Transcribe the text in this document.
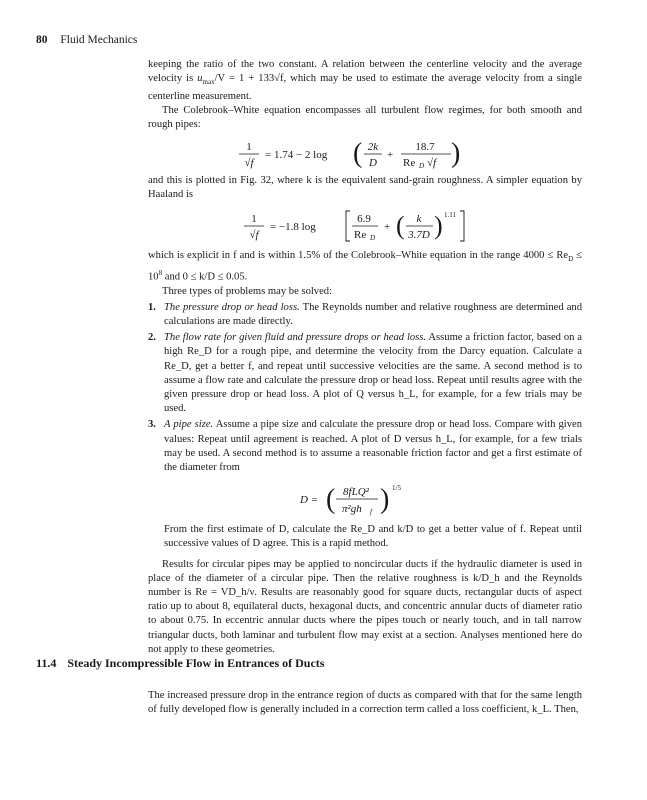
80 Fluid Mechanics

keeping the ratio of the two constant. A relation between the centerline velocity and the average velocity is $u_{max}/V = 1 + 133√f$, which may be used to estimate the average velocity from a single centerline measurement.

The Colebrook–White equation encompasses all turbulent flow regimes, for both smooth and rough pipes:

1
√f
= 1.74 − 2 log ( 2k
D
+
18.7
Re D √f )

and this is plotted in Fig. 32, where k is the equivalent sand-grain roughness. A simpler equation by Haaland is

1
√f
= −1.8 log
6.9
Re D
+ ( k
3.7D ) 1.11

which is explicit in f and is within 1.5% of the Colebrook–White equation in the range $4000 \le Re_D \le 10^8$ and 0 ≤ k/D ≤ 0.05.

Three types of problems may be solved:

1. The pressure drop or head loss. The Reynolds number and relative roughness are determined and calculations are made directly.
2. The flow rate for given fluid and pressure drops or head loss. Assume a friction factor, based on a high Re_D for a rough pipe, and determine the velocity from the Darcy equation. Calculate a Re_D, get a better f, and repeat until successive velocities are the same. A second method is to assume a flow rate and calculate the pressure drop or head loss. Repeat until results agree with the given pressure drop or head loss. A plot of Q versus h_L, for example, for a few trials may be used.
3. A pipe size. Assume a pipe size and calculate the pressure drop or head loss. Compare with given values: Repeat until agreement is reached. A plot of D versus h_L, for example, for a few trials may be used. A second method is to assume a reasonable friction factor and get a first estimate of the diameter from
D = ( 8fLQ²
π²gh f ) 1/5

From the first estimate of D, calculate the Re_D and k/D to get a better value of f. Repeat until successive values of D agree. This is a rapid method.

Results for circular pipes may be applied to noncircular ducts if the hydraulic diameter is used in place of the diameter of a circular pipe. Then the relative roughness is k/D_h and the Reynolds number is Re = VD_h/ν. Results are reasonably good for square ducts, rectangular ducts of aspect ratio up to about 8, equilateral ducts, hexagonal ducts, and concentric annular ducts of diameter ratio to about 0.75. In eccentric annular ducts where the pipes touch or nearly touch, and in tall narrow triangular ducts, both laminar and turbulent flow may exist at a section. Analyses mentioned here do not apply to these geometries.

11.4 Steady Incompressible Flow in Entrances of Ducts

The increased pressure drop in the entrance region of ducts as compared with that for the same length of fully developed flow is generally included in a correction term called a loss coefficient, k_L. Then,
